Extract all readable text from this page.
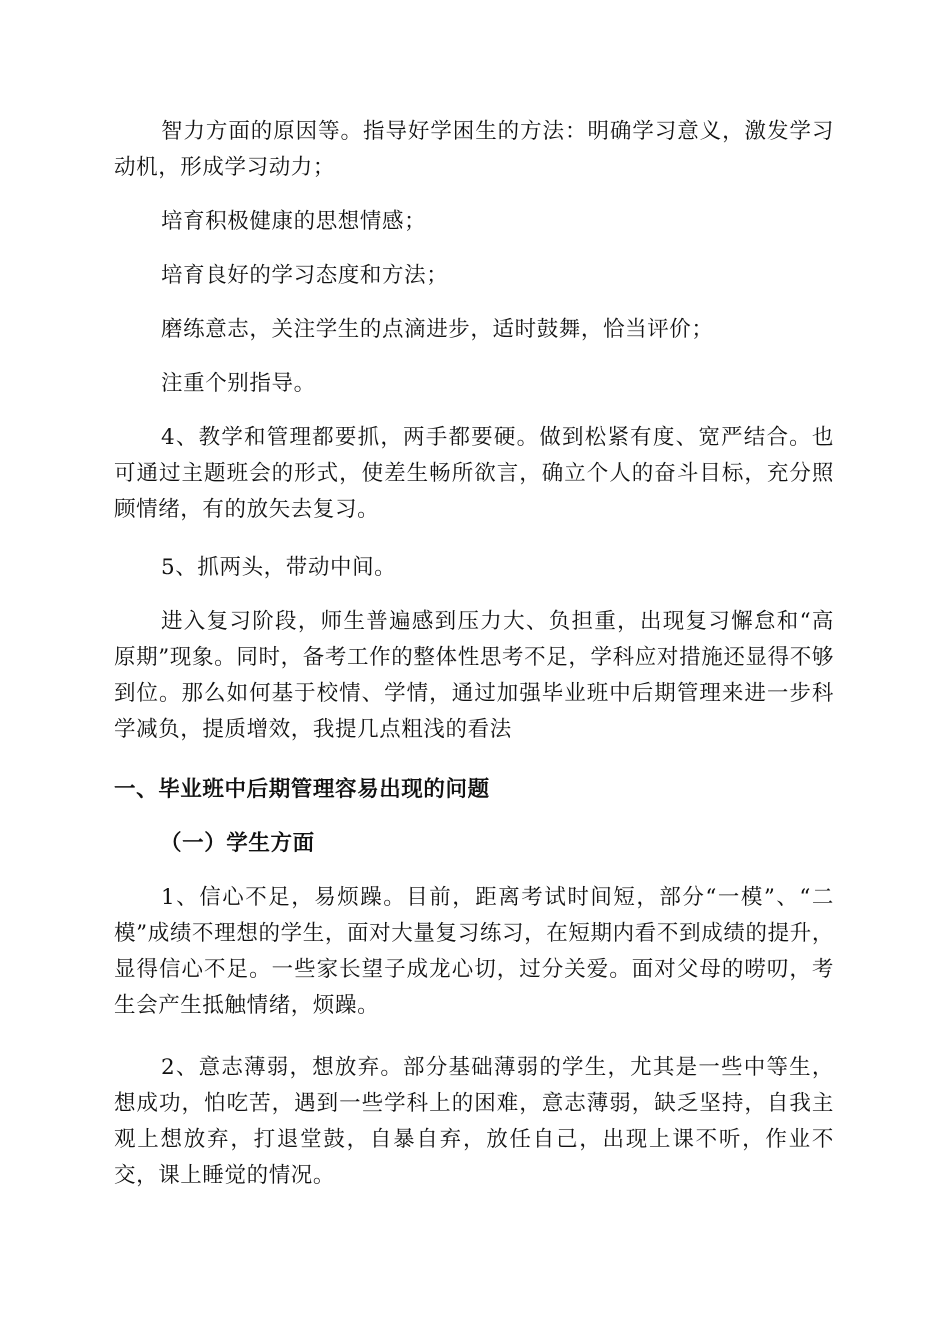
智力方面的原因等。指导好学困生的方法：明确学习意义，激发学习动机，形成学习动力；

培育积极健康的思想情感；

培育良好的学习态度和方法；

磨练意志，关注学生的点滴进步，适时鼓舞，恰当评价；

注重个别指导。

4、教学和管理都要抓，两手都要硬。做到松紧有度、宽严结合。也可通过主题班会的形式，使差生畅所欲言，确立个人的奋斗目标，充分照顾情绪，有的放矢去复习。

5、抓两头，带动中间。

进入复习阶段，师生普遍感到压力大、负担重，出现复习懈怠和“高原期”现象。同时，备考工作的整体性思考不足，学科应对措施还显得不够到位。那么如何基于校情、学情，通过加强毕业班中后期管理来进一步科学减负，提质增效，我提几点粗浅的看法

一、毕业班中后期管理容易出现的问题
（一）学生方面

1、信心不足，易烦躁。目前，距离考试时间短，部分“一模”、“二模”成绩不理想的学生，面对大量复习练习，在短期内看不到成绩的提升，显得信心不足。一些家长望子成龙心切，过分关爱。面对父母的唠叨，考生会产生抵触情绪，烦躁。

2、意志薄弱，想放弃。部分基础薄弱的学生，尤其是一些中等生，想成功，怕吃苦，遇到一些学科上的困难，意志薄弱，缺乏坚持，自我主观上想放弃，打退堂鼓，自暴自弃，放任自己，出现上课不听，作业不交，课上睡觉的情况。
